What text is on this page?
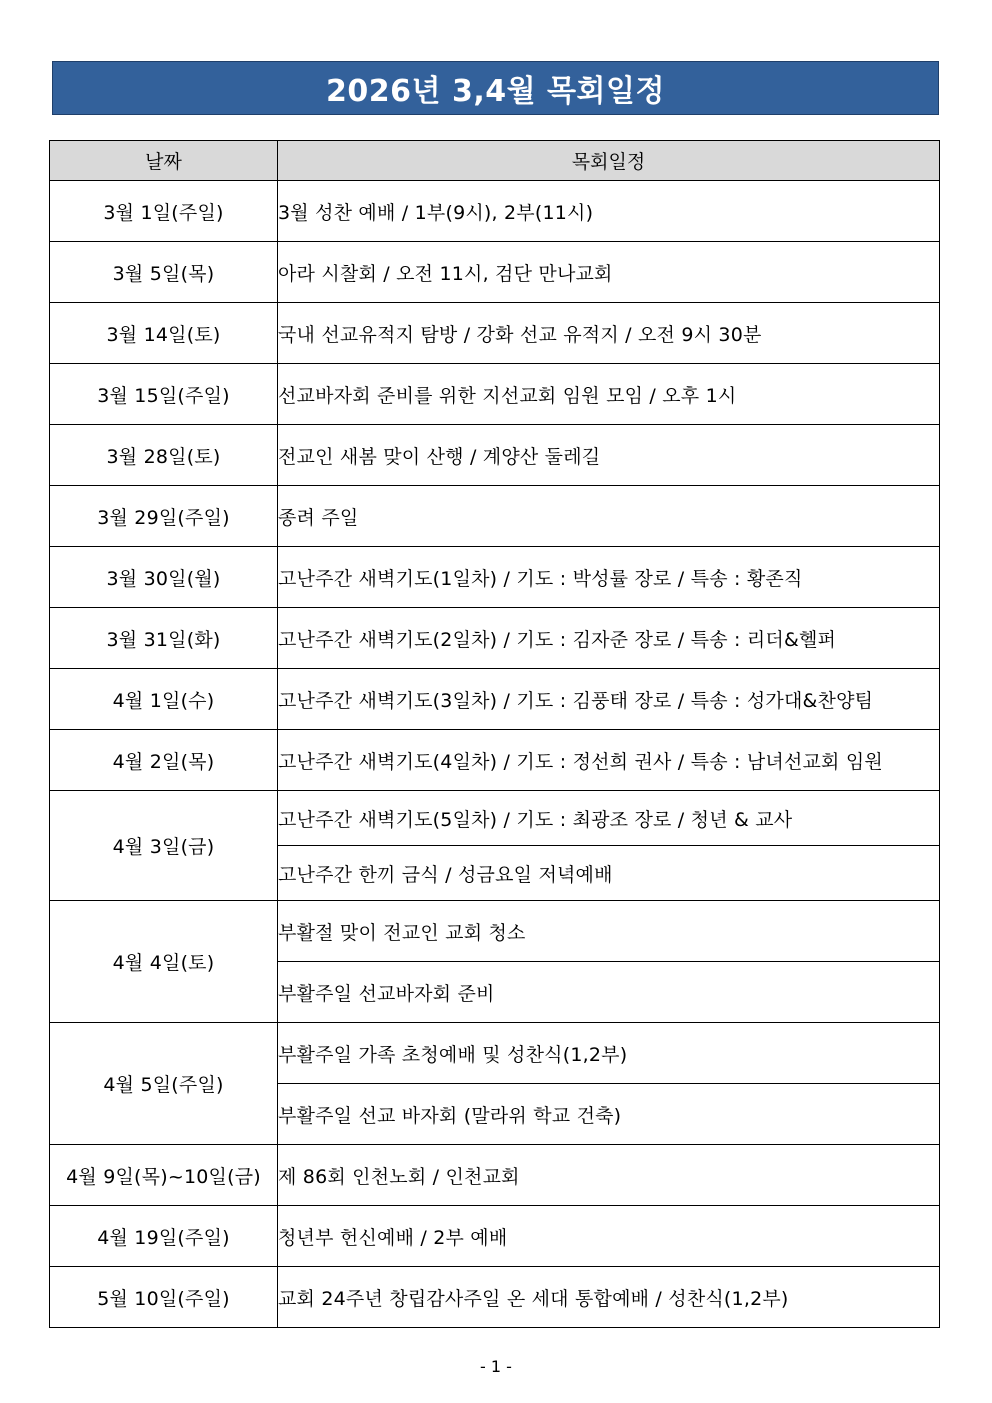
2026년 3,4월 목회일정
날짜	목회일정
3월 1일(주일)	3월 성찬 예배 / 1부(9시), 2부(11시)
3월 5일(목)	아라 시찰회 / 오전 11시, 검단 만나교회
3월 14일(토)	국내 선교유적지 탐방 / 강화 선교 유적지 / 오전 9시 30분
3월 15일(주일)	선교바자회 준비를 위한 지선교회 임원 모임 / 오후 1시
3월 28일(토)	전교인 새봄 맞이 산행 / 계양산 둘레길
3월 29일(주일)	종려 주일
3월 30일(월)	고난주간 새벽기도(1일차) / 기도 : 박성률 장로 / 특송 : 황존직
3월 31일(화)	고난주간 새벽기도(2일차) / 기도 : 김자준 장로 / 특송 : 리더&헬퍼
4월 1일(수)	고난주간 새벽기도(3일차) / 기도 : 김풍태 장로 / 특송 : 성가대&찬양팀
4월 2일(목)	고난주간 새벽기도(4일차) / 기도 : 정선희 권사 / 특송 : 남녀선교회 임원
4월 3일(금)	고난주간 새벽기도(5일차) / 기도 : 최광조 장로 / 청년 & 교사
	고난주간 한끼 금식 / 성금요일 저녁예배
4월 4일(토)	부활절 맞이 전교인 교회 청소
	부활주일 선교바자회 준비
4월 5일(주일)	부활주일 가족 초청예배 및 성찬식(1,2부)
	부활주일 선교 바자회 (말라위 학교 건축)
4월 9일(목)~10일(금)	제 86회 인천노회 / 인천교회
4월 19일(주일)	청년부 헌신예배 / 2부 예배
5월 10일(주일)	교회 24주년 창립감사주일 온 세대 통합예배 / 성찬식(1,2부)
- 1 -
